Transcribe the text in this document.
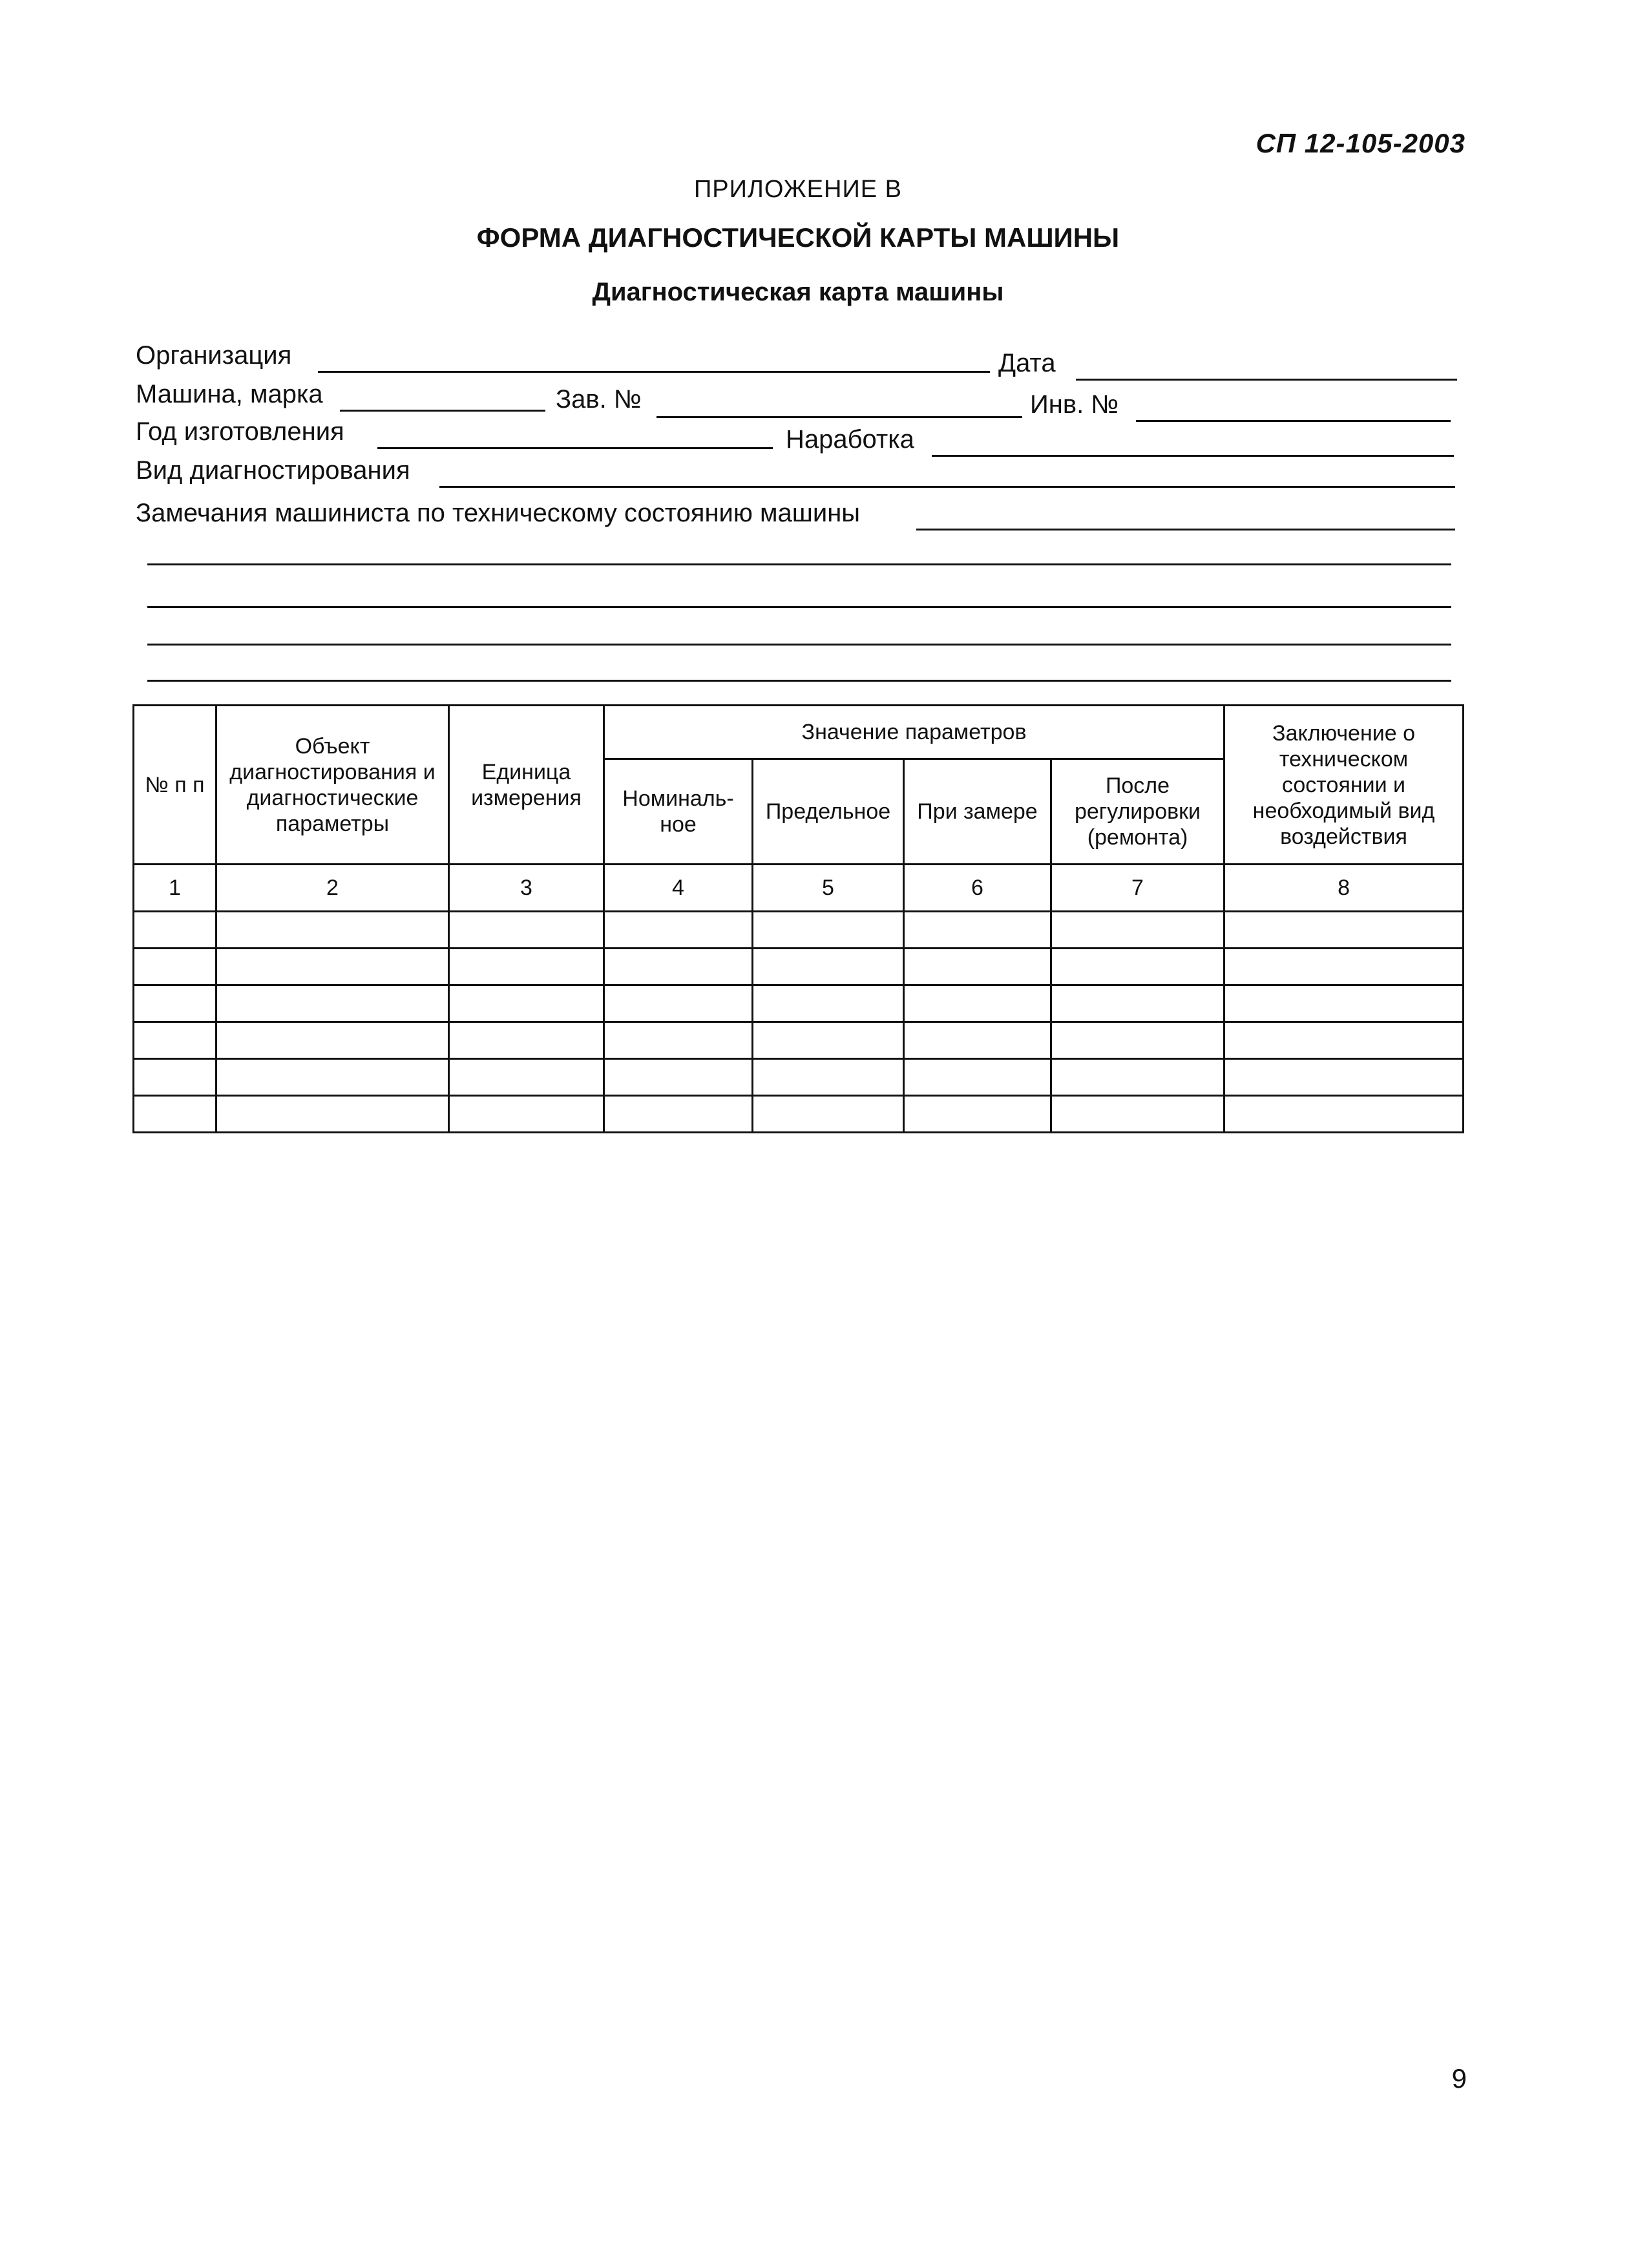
СП 12-105-2003
ПРИЛОЖЕНИЕ В
ФОРМА ДИАГНОСТИЧЕСКОЙ КАРТЫ МАШИНЫ
Диагностическая карта машины
Организация	Дата
Машина, марка	Зав. №	Инв. №
Год изготовления	Наработка
Вид диагностирования
Замечания машиниста по техническому состоянию машины
№ п п	Объект диагностирования и диагностические параметры	Единица измерения	Значение параметров				Заключение о техническом состоянии и необходимый вид воздействия
			Номиналь-ное	Предельное	При замере	После регулировки (ремонта)	
1	2	3	4	5	6	7	8

9
